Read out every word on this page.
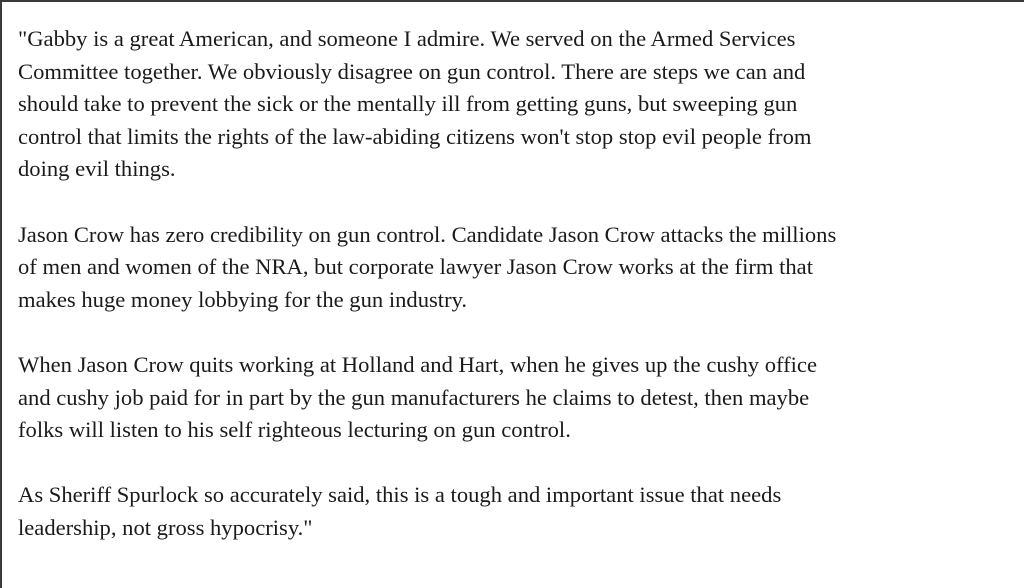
"Gabby is a great American, and someone I admire. We served on the Armed Services
Committee together. We obviously disagree on gun control. There are steps we can and
should take to prevent the sick or the mentally ill from getting guns, but sweeping gun
control that limits the rights of the law-abiding citizens won't stop stop evil people from
doing evil things.

Jason Crow has zero credibility on gun control. Candidate Jason Crow attacks the millions
of men and women of the NRA, but corporate lawyer Jason Crow works at the firm that
makes huge money lobbying for the gun industry.

When Jason Crow quits working at Holland and Hart, when he gives up the cushy office
and cushy job paid for in part by the gun manufacturers he claims to detest, then maybe
folks will listen to his self righteous lecturing on gun control.

As Sheriff Spurlock so accurately said, this is a tough and important issue that needs
leadership, not gross hypocrisy."
